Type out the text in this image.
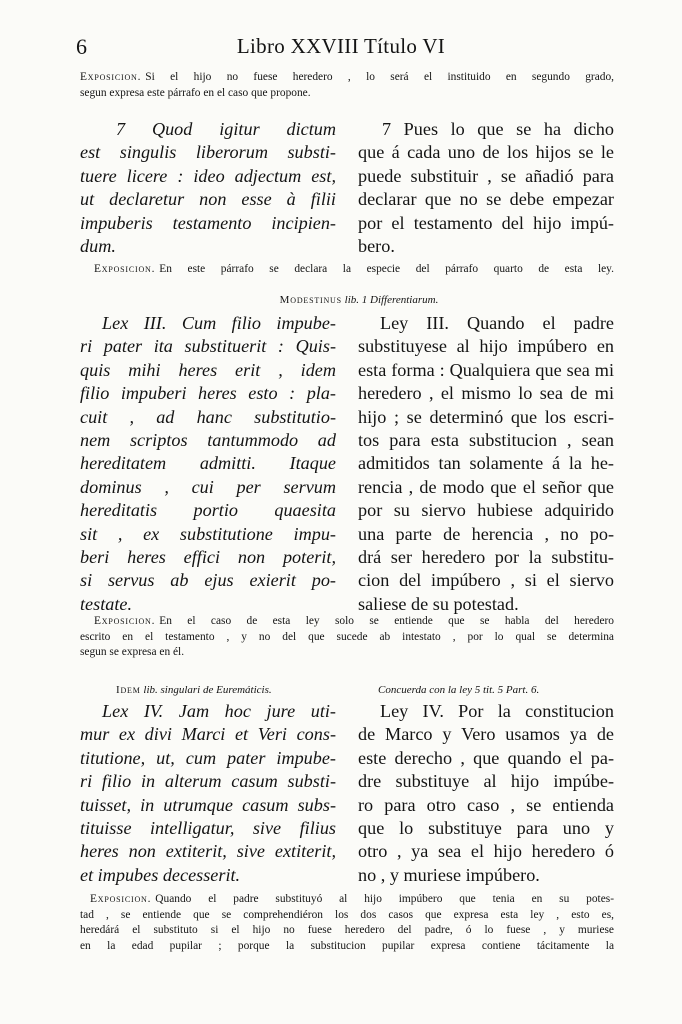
6	Libro XXVIII Título VI
Exposicion. Si el hijo no fuese heredero , lo será el instituido en segundo grado,
segun expresa este párrafo en el caso que propone.
7 Quod igitur dictum
est singulis liberorum substi-
tuere licere : ideo adjectum est,
ut declaretur non esse à filii
impuberis testamento incipien-
dum.
7 Pues lo que se ha dicho
que á cada uno de los hijos se le
puede substituir , se añadió para
declarar que no se debe empezar
por el testamento del hijo impú-
bero.
Exposicion. En este párrafo se declara la especie del párrafo quarto de esta ley.
Modestinus lib. 1 Differentiarum.
Lex III. Cum filio impube-
ri pater ita substituerit : Quis-
quis mihi heres erit , idem
filio impuberi heres esto : pla-
cuit , ad hanc substitutio-
nem scriptos tantummodo ad
hereditatem admitti. Itaque
dominus , cui per servum
hereditatis portio quaesita
sit , ex substitutione impu-
beri heres effici non poterit,
si servus ab ejus exierit po-
testate.
Ley III. Quando el padre
substituyese al hijo impúbero en
esta forma : Qualquiera que sea mi
heredero , el mismo lo sea de mi
hijo ; se determinó que los escri-
tos para esta substitucion , sean
admitidos tan solamente á la he-
rencia , de modo que el señor que
por su siervo hubiese adquirido
una parte de herencia , no po-
drá ser heredero por la substitu-
cion del impúbero , si el siervo
saliese de su potestad.
Exposicion. En el caso de esta ley solo se entiende que se habla del heredero
escrito en el testamento , y no del que sucede ab intestato , por lo qual se determina
segun se expresa en él.
Idem lib. singulari de Euremáticis.	Concuerda con la ley 5 tit. 5 Part. 6.
Lex IV. Jam hoc jure uti-
mur ex divi Marci et Veri cons-
titutione, ut, cum pater impube-
ri filio in alterum casum substi-
tuisset, in utrumque casum subs-
tituisse intelligatur, sive filius
heres non extiterit, sive extiterit,
et impubes decesserit.
Ley IV. Por la constitucion
de Marco y Vero usamos ya de
este derecho , que quando el pa-
dre substituye al hijo impúbe-
ro para otro caso , se entienda
que lo substituye para uno y
otro , ya sea el hijo heredero ó
no , y muriese impúbero.
Exposicion. Quando el padre substituyó al hijo impúbero que tenia en su potes-
tad , se entiende que se comprehendiéron los dos casos que expresa esta ley , esto es,
heredárá el substituto si el hijo no fuese heredero del padre, ó lo fuese , y muriese
en la edad pupilar ; porque la substitucion pupilar expresa contiene tácitamente la
